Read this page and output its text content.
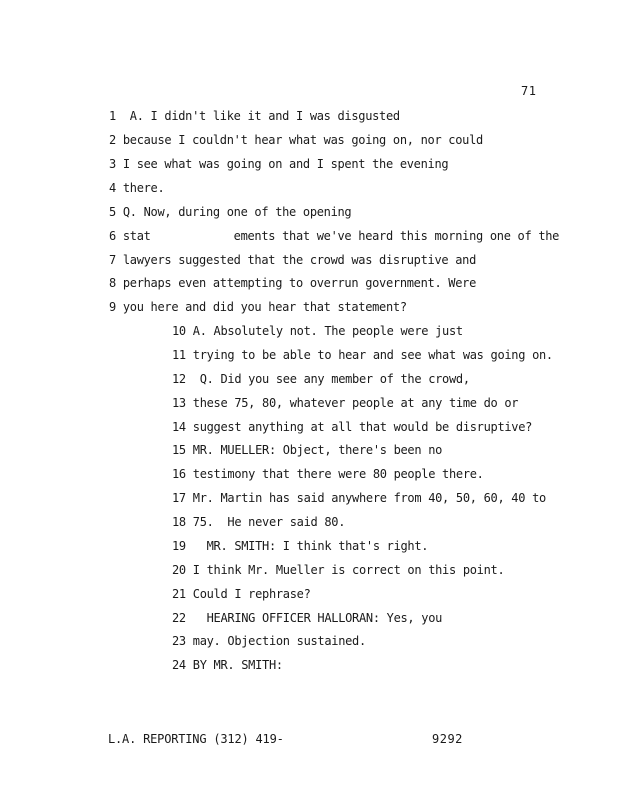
71
1  A. I didn't like it and I was disgusted
2 because I couldn't hear what was going on, nor could
3 I see what was going on and I spent the evening
4 there.
5 Q. Now, during one of the opening
6 stat            ements that we've heard this morning one of the
7 lawyers suggested that the crowd was disruptive and
8 perhaps even attempting to overrun government. Were
9 you here and did you hear that statement?
10 A. Absolutely not. The people were just
11 trying to be able to hear and see what was going on.
12  Q. Did you see any member of the crowd,
13 these 75, 80, whatever people at any time do or
14 suggest anything at all that would be disruptive?
15 MR. MUELLER: Object, there's been no
16 testimony that there were 80 people there.
17 Mr. Martin has said anywhere from 40, 50, 60, 40 to
18 75.  He never said 80.
19   MR. SMITH: I think that's right.
20 I think Mr. Mueller is correct on this point.
21 Could I rephrase?
22   HEARING OFFICER HALLORAN: Yes, you
23 may. Objection sustained.
24 BY MR. SMITH:
L.A. REPORTING (312) 419-	9292
